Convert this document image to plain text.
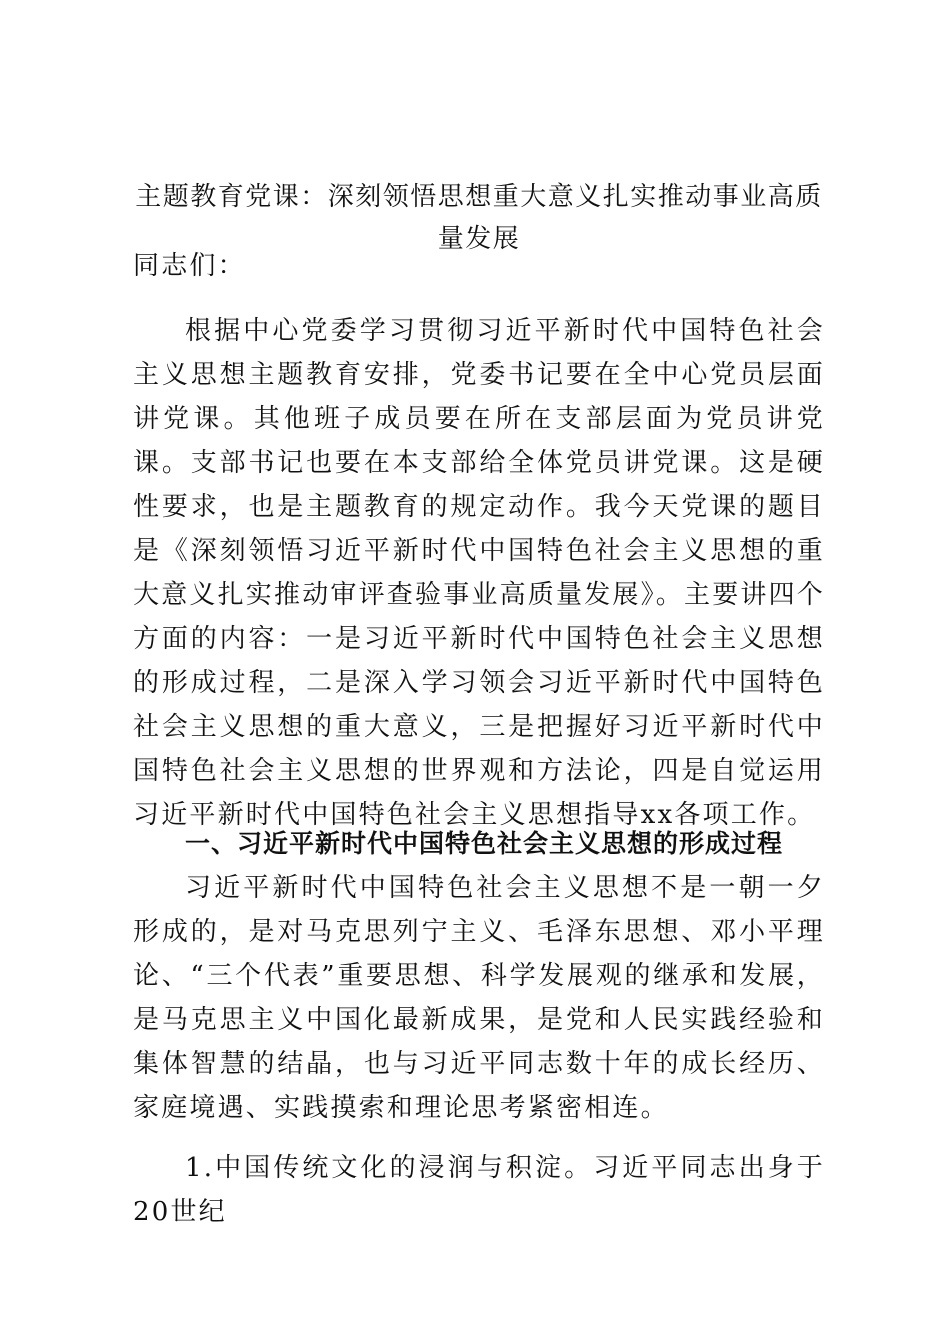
主题教育党课：深刻领悟思想重大意义扎实推动事业高质量发展

同志们：

根据中心党委学习贯彻习近平新时代中国特色社会主义思想主题教育安排，党委书记要在全中心党员层面讲党课。其他班子成员要在所在支部层面为党员讲党课。支部书记也要在本支部给全体党员讲党课。这是硬性要求，也是主题教育的规定动作。我今天党课的题目是《深刻领悟习近平新时代中国特色社会主义思想的重大意义扎实推动审评查验事业高质量发展》。主要讲四个方面的内容：一是习近平新时代中国特色社会主义思想的形成过程，二是深入学习领会习近平新时代中国特色社会主义思想的重大意义，三是把握好习近平新时代中国特色社会主义思想的世界观和方法论，四是自觉运用习近平新时代中国特色社会主义思想指导xx各项工作。

一、习近平新时代中国特色社会主义思想的形成过程

习近平新时代中国特色社会主义思想不是一朝一夕形成的，是对马克思列宁主义、毛泽东思想、邓小平理论、“三个代表”重要思想、科学发展观的继承和发展，是马克思主义中国化最新成果，是党和人民实践经验和集体智慧的结晶，也与习近平同志数十年的成长经历、家庭境遇、实践摸索和理论思考紧密相连。

1.中国传统文化的浸润与积淀。习近平同志出身于20世纪
